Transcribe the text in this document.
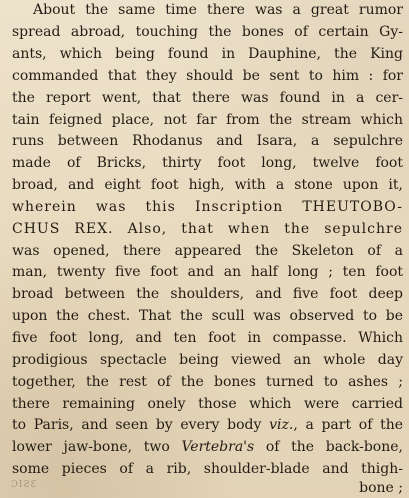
About the same time there was a great rumor
spread abroad, touching the bones of certain Gy-
ants, which being found in Dauphine, the King
commanded that they should be sent to him : for
the report went, that there was found in a cer-
tain feigned place, not far from the stream which
runs between Rhodanus and Isara, a sepulchre
made of Bricks, thirty foot long, twelve foot
broad, and eight foot high, with a stone upon it,
wherein was this Inscription THEUTOBO-
CHUS REX. Also, that when the sepulchre
was opened, there appeared the Skeleton of a
man, twenty five foot and an half long ; ten foot
broad between the shoulders, and five foot deep
upon the chest. That the scull was observed to be
five foot long, and ten foot in compasse. Which
prodigious spectacle being viewed an whole day
together, the rest of the bones turned to ashes ;
there remaining onely those which were carried
to Paris, and seen by every body viz., a part of the
lower jaw-bone, two Vertebra's of the back-bone,
some pieces of a rib, shoulder-blade and thigh-
bone ;
ƆIƧƐ
